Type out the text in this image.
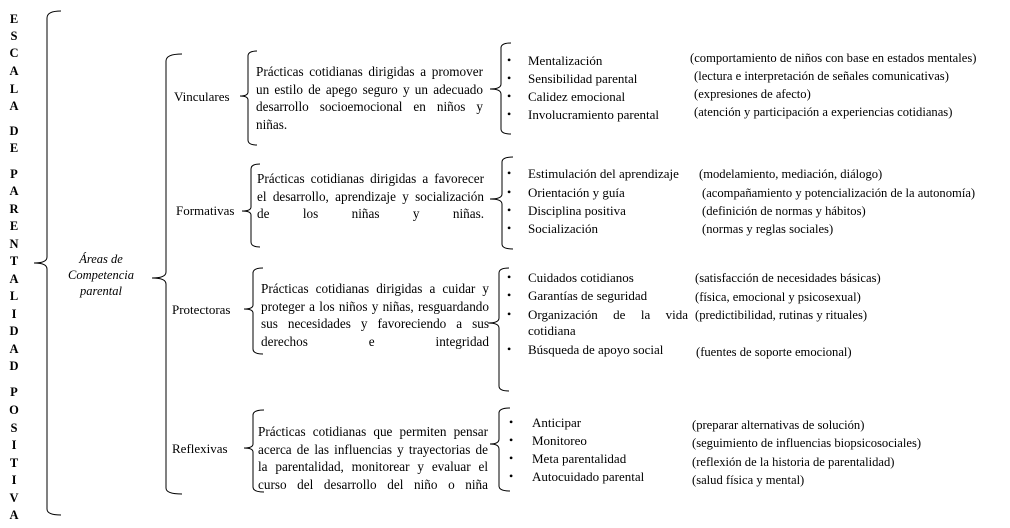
E
S
C
A
L
A
D
E
P
A
R
E
N
T
A
L
I
D
A
D
P
O
S
I
T
I
V
A
Áreas de
Competencia
parental
Vinculares
Formativas
Protectoras
Reflexivas
Prácticas cotidianas dirigidas a promover un estilo de apego seguro y un adecuado desarrollo socioemocional en niños y niñas.
Prácticas cotidianas dirigidas a favorecer el desarrollo, aprendizaje y socialización de los niñas y niñas.
Prácticas cotidianas dirigidas a cuidar y proteger a los niños y niñas, resguardando sus necesidades y favoreciendo a sus derechos e integridad
Prácticas cotidianas que permiten pensar acerca de las influencias y trayectorias de la parentalidad, monitorear y evaluar el curso del desarrollo del niño o niña
• Mentalización	(comportamiento de niños con base en estados mentales)
• Sensibilidad parental	(lectura e interpretación de señales comunicativas)
• Calidez emocional	(expresiones de afecto)
• Involucramiento parental	(atención y participación a experiencias cotidianas)
• Estimulación del aprendizaje (modelamiento, mediación, diálogo)
• Orientación y guía	(acompañamiento y potencialización de la autonomía)
• Disciplina positiva	(definición de normas y hábitos)
• Socialización	(normas y reglas sociales)
• Cuidados cotidianos	(satisfacción de necesidades básicas)
• Garantías de seguridad	(física, emocional y psicosexual)
• Organización de la vida
cotidiana
(predictibilidad, rutinas y rituales)
• Búsqueda de apoyo social	(fuentes de soporte emocional)
• Anticipar	(preparar alternativas de solución)
• Monitoreo	(seguimiento de influencias biopsicosociales)
• Meta parentalidad	(reflexión de la historia de parentalidad)
• Autocuidado parental	(salud física y mental)
